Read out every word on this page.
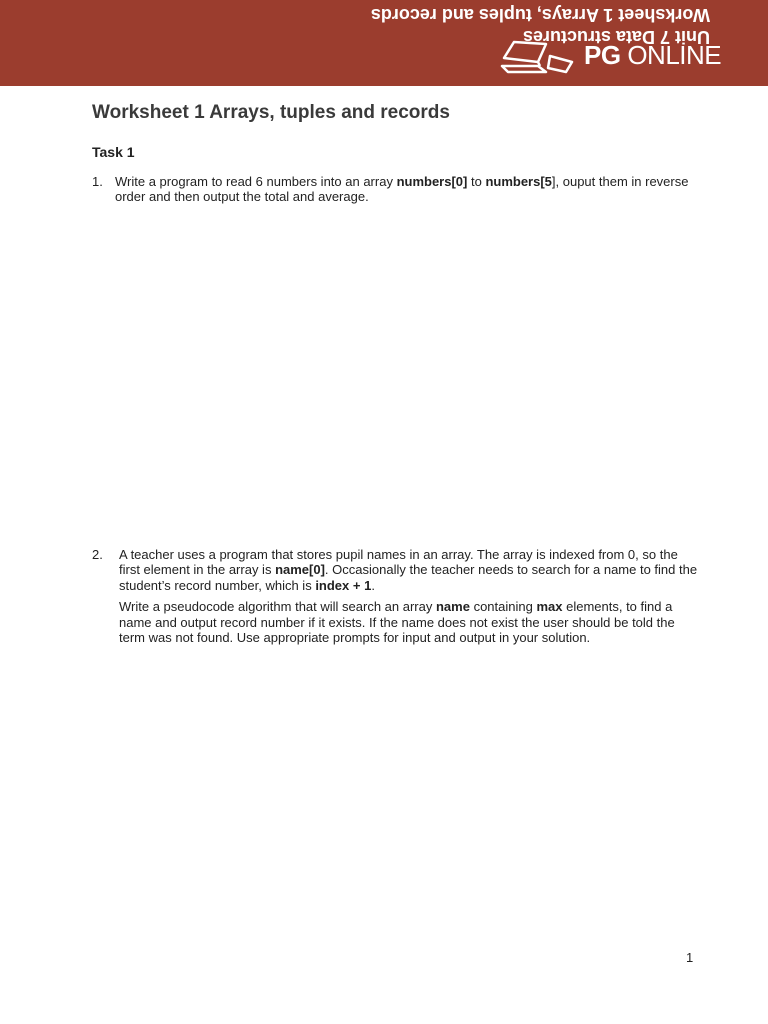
Unit 7 Data structures
Worksheet 1 Arrays, tuples and records
PG ONLINE
Worksheet 1 Arrays, tuples and records
Task 1
1. Write a program to read 6 numbers into an array numbers[0] to numbers[5], ouput them in reverse order and then output the total and average.

2. A teacher uses a program that stores pupil names in an array. The array is indexed from 0, so the first element in the array is name[0]. Occasionally the teacher needs to search for a name to find the student’s record number, which is index + 1.

Write a pseudocode algorithm that will search an array name containing max elements, to find a name and output record number if it exists. If the name does not exist the user should be told the term was not found. Use appropriate prompts for input and output in your solution.

1
